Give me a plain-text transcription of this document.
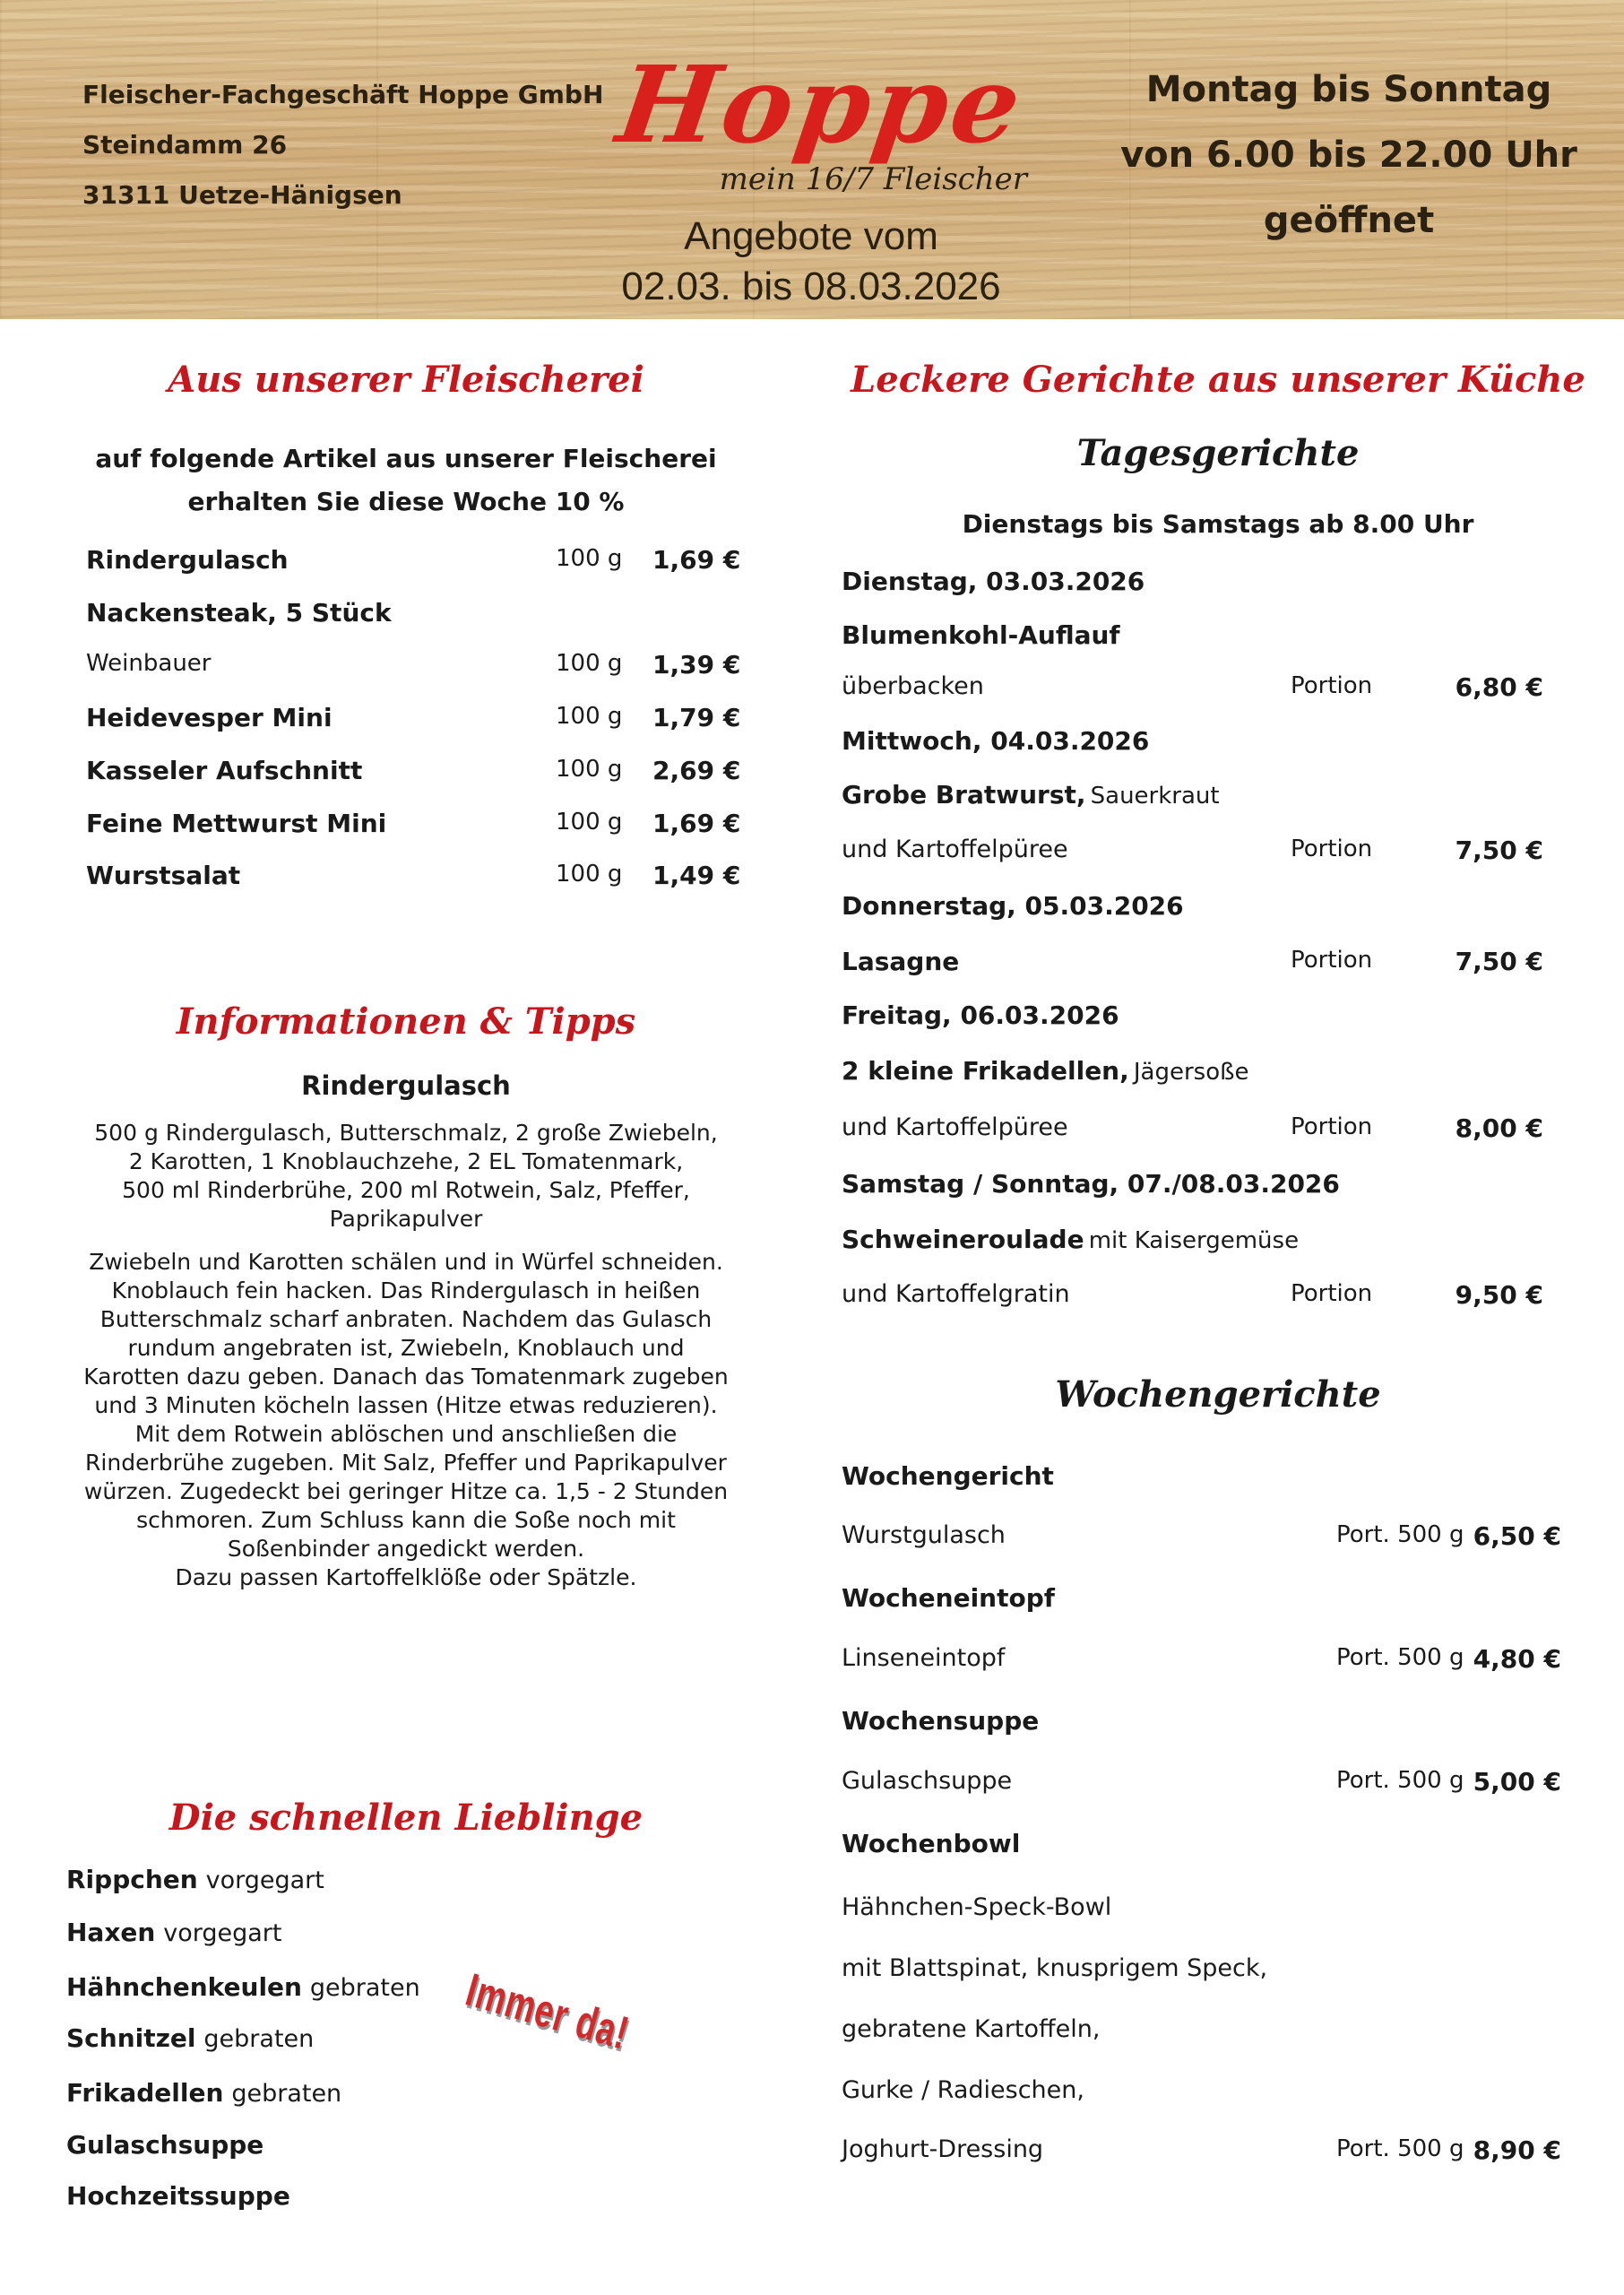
Fleischer-Fachgeschäft Hoppe GmbH
Steindamm 26
31311 Uetze-Hänigsen
Hoppe
mein 16/7 Fleischer
Angebote vom
02.03. bis 08.03.2026
Montag bis Sonntag
von 6.00 bis 22.00 Uhr
geöffnet
Aus unserer Fleischerei
auf folgende Artikel aus unserer Fleischerei
erhalten Sie diese Woche 10 %
Rindergulasch	100 g 1,69 €
Nackensteak, 5 Stück
Weinbauer	100 g 1,39 €
Heidevesper Mini	100 g 1,79 €
Kasseler Aufschnitt	100 g 2,69 €
Feine Mettwurst Mini	100 g 1,69 €
Wurstsalat	100 g 1,49 €
Informationen & Tipps
Rindergulasch
500 g Rindergulasch, Butterschmalz, 2 große Zwiebeln,
2 Karotten, 1 Knoblauchzehe, 2 EL Tomatenmark,
500 ml Rinderbrühe, 200 ml Rotwein, Salz, Pfeffer,
Paprikapulver
Zwiebeln und Karotten schälen und in Würfel schneiden.
Knoblauch fein hacken. Das Rindergulasch in heißen
Butterschmalz scharf anbraten. Nachdem das Gulasch
rundum angebraten ist, Zwiebeln, Knoblauch und
Karotten dazu geben. Danach das Tomatenmark zugeben
und 3 Minuten köcheln lassen (Hitze etwas reduzieren).
Mit dem Rotwein ablöschen und anschließen die
Rinderbrühe zugeben. Mit Salz, Pfeffer und Paprikapulver
würzen. Zugedeckt bei geringer Hitze ca. 1,5 - 2 Stunden
schmoren. Zum Schluss kann die Soße noch mit
Soßenbinder angedickt werden.
Dazu passen Kartoffelklöße oder Spätzle.
Die schnellen Lieblinge
Rippchen vorgegart
Haxen vorgegart
Hähnchenkeulen gebraten
Schnitzel gebraten
Frikadellen gebraten
Gulaschsuppe
Hochzeitssuppe
Immer da!
Leckere Gerichte aus unserer Küche
Tagesgerichte
Dienstags bis Samstags ab 8.00 Uhr
Dienstag, 03.03.2026
Blumenkohl-Auflauf
überbacken	Portion	6,80 €
Mittwoch, 04.03.2026
Grobe Bratwurst, Sauerkraut
und Kartoffelpüree	Portion	7,50 €
Donnerstag, 05.03.2026
Lasagne	Portion	7,50 €
Freitag, 06.03.2026
2 kleine Frikadellen, Jägersoße
und Kartoffelpüree	Portion	8,00 €
Samstag / Sonntag, 07./08.03.2026
Schweineroulade mit Kaisergemüse
und Kartoffelgratin	Portion	9,50 €
Wochengerichte
Wochengericht
Wurstgulasch	Port. 500 g 6,50 €
Wocheneintopf
Linseneintopf	Port. 500 g 4,80 €
Wochensuppe
Gulaschsuppe	Port. 500 g 5,00 €
Wochenbowl
Hähnchen-Speck-Bowl
mit Blattspinat, knusprigem Speck,
gebratene Kartoffeln,
Gurke / Radieschen,
Joghurt-Dressing	Port. 500 g 8,90 €
